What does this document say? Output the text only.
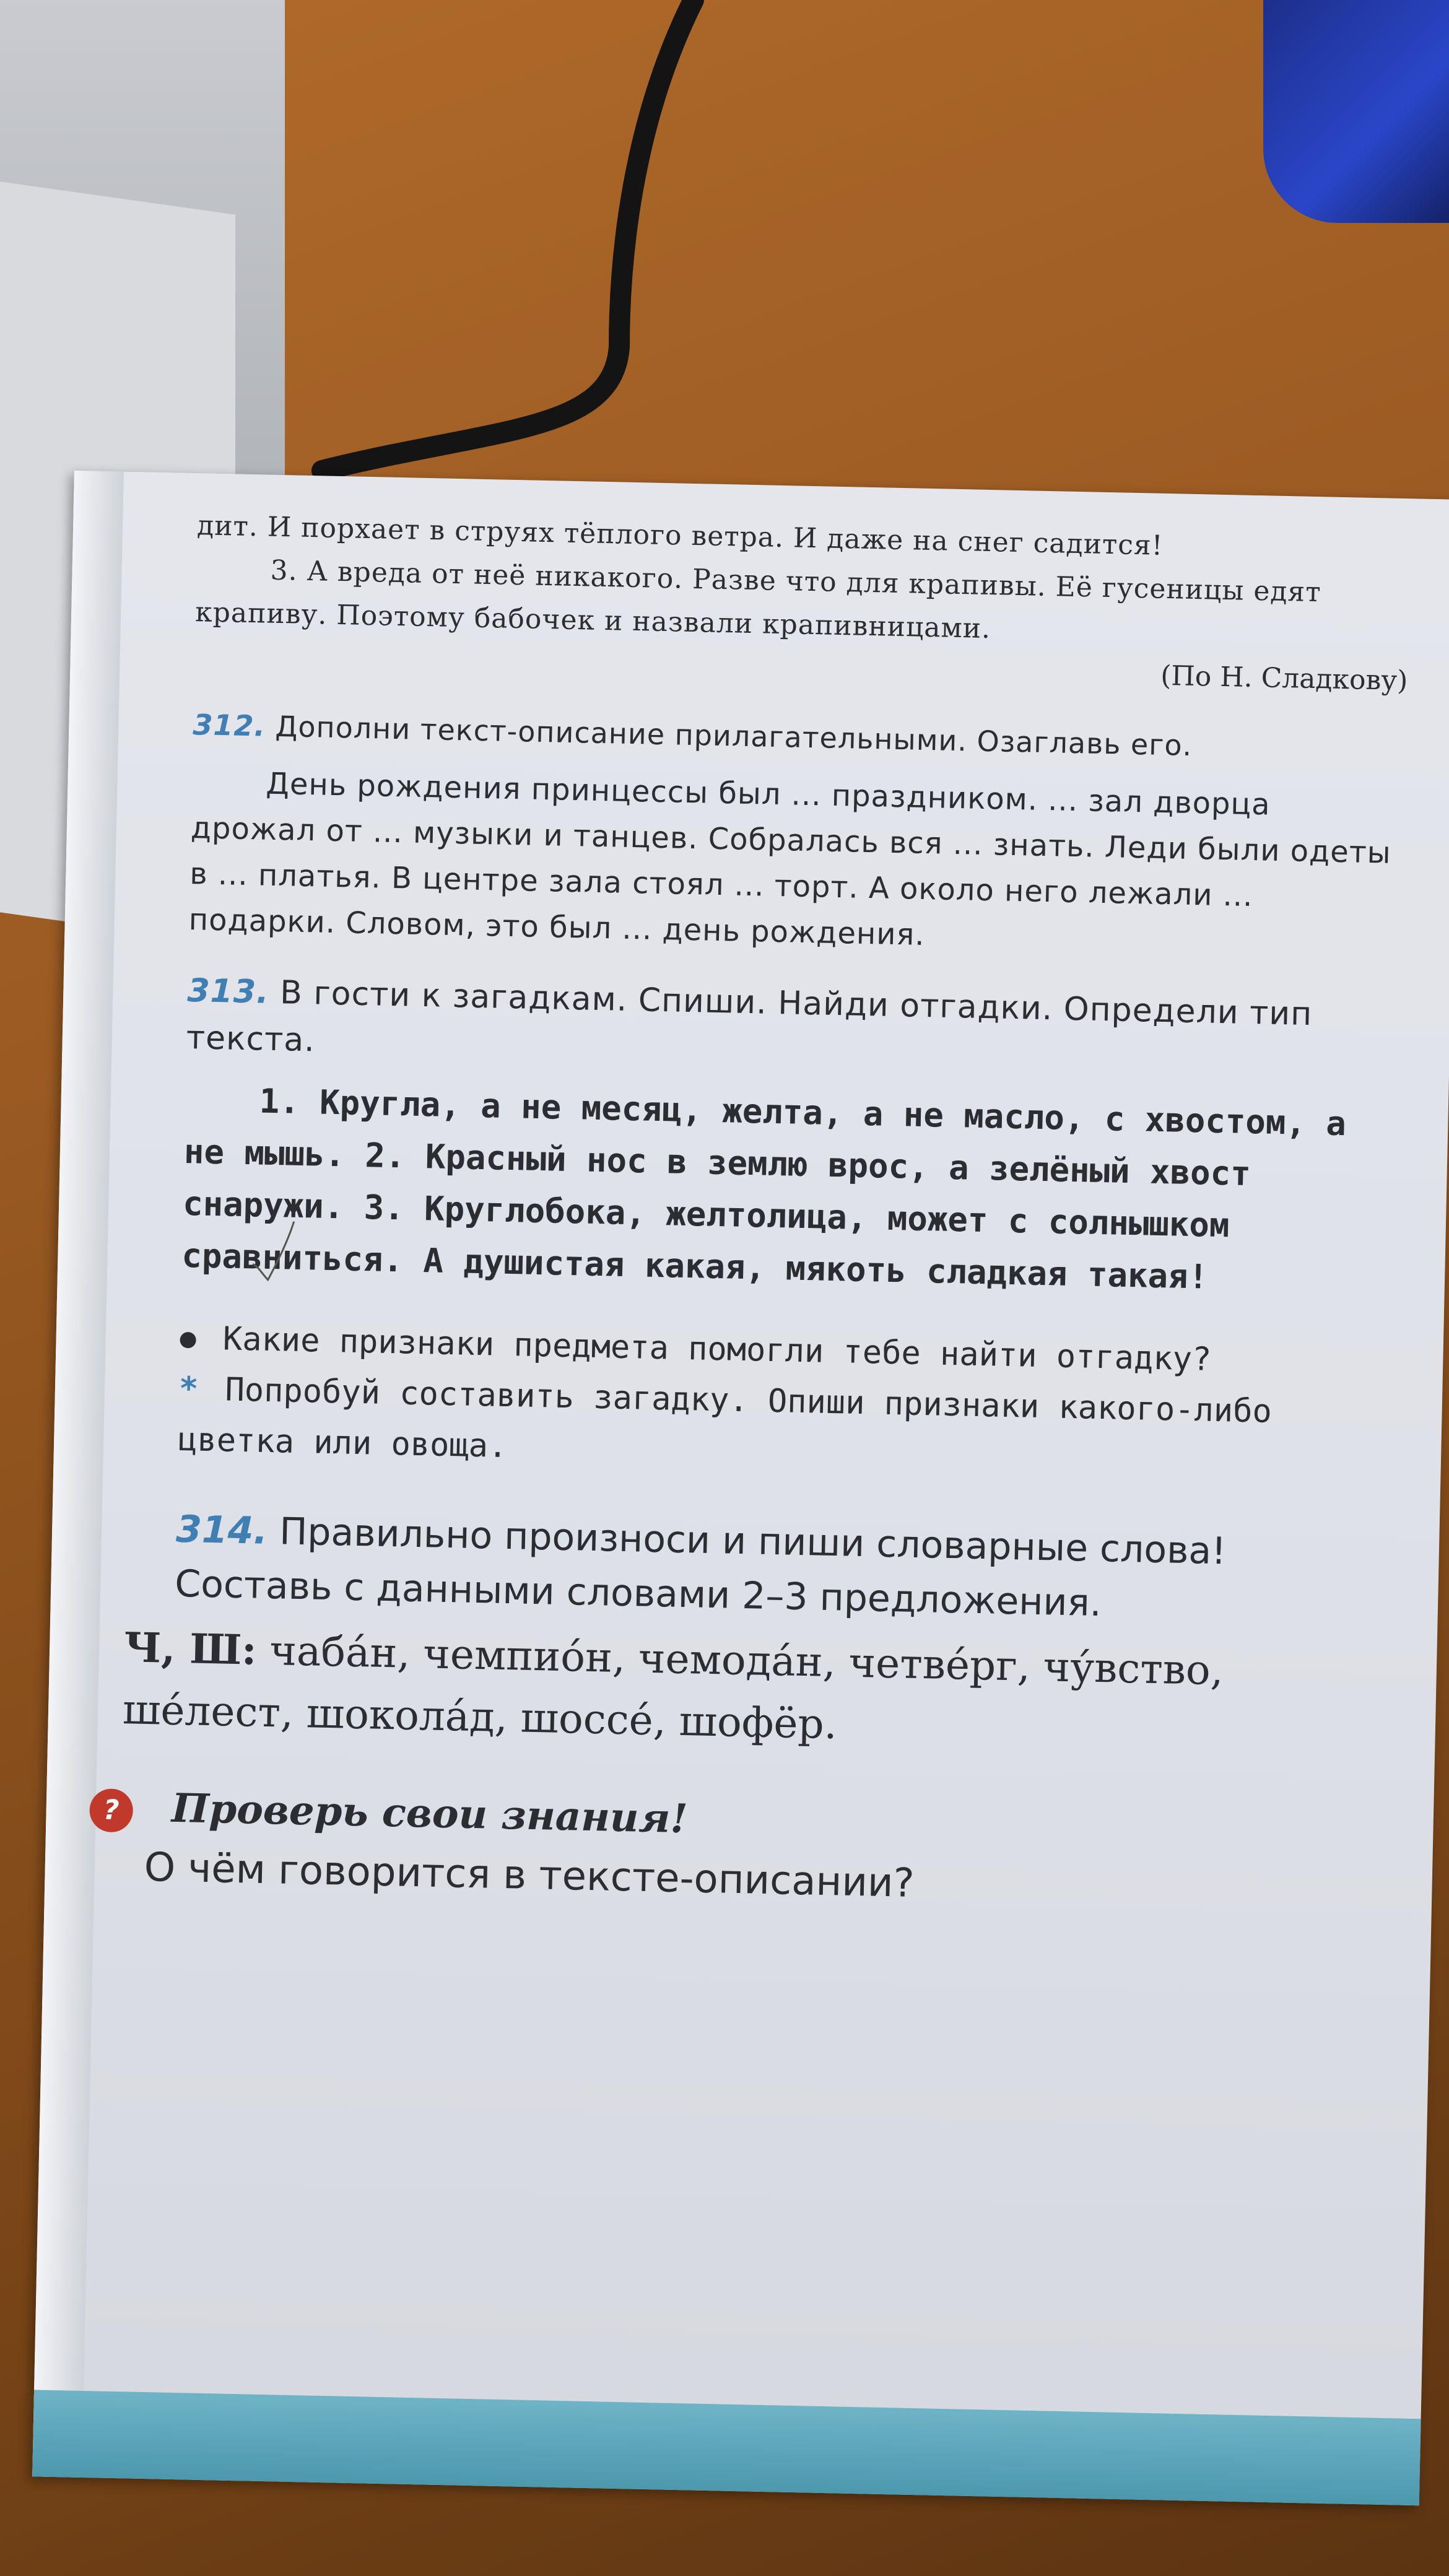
дит. И порхает в струях тёплого ветра. И даже на снег садится!

3. А вреда от неё никакого. Разве что для крапивы. Её гусеницы едят крапиву. Поэтому бабочек и назвали крапивницами.

(По Н. Сладкову)

312. Дополни текст-описание прилагательными. Озаглавь его.

День рождения принцессы был ... праздником. ... зал дворца дрожал от ... музыки и танцев. Собралась вся ... знать. Леди были одеты в ... платья. В центре зала стоял ... торт. А около него лежали ... подарки. Словом, это был ... день рождения.

313. В гости к загадкам. Спиши. Найди отгадки. Определи тип текста.

1. Кругла, а не месяц, желта, а не масло, с хвостом, а не мышь. 2. Красный нос в землю врос, а зелёный хвост снаружи. 3. Круглобока, желтолица, может с солнышком сравниться. А душистая какая, мякоть сладкая такая!

Какие признаки предмета помогли тебе найти отгадку?

* Попробуй составить загадку. Опиши признаки какого-либо цветка или овоща.

314. Правильно произноси и пиши словарные слова! Составь с данными словами 2–3 предложения.

Ч, Ш: чаба́н, чемпио́н, чемода́н, четве́рг, чу́вство, ше́лест, шокола́д, шоссе́, шофёр.

? Проверь свои знания!

О чём говорится в тексте-описании?
